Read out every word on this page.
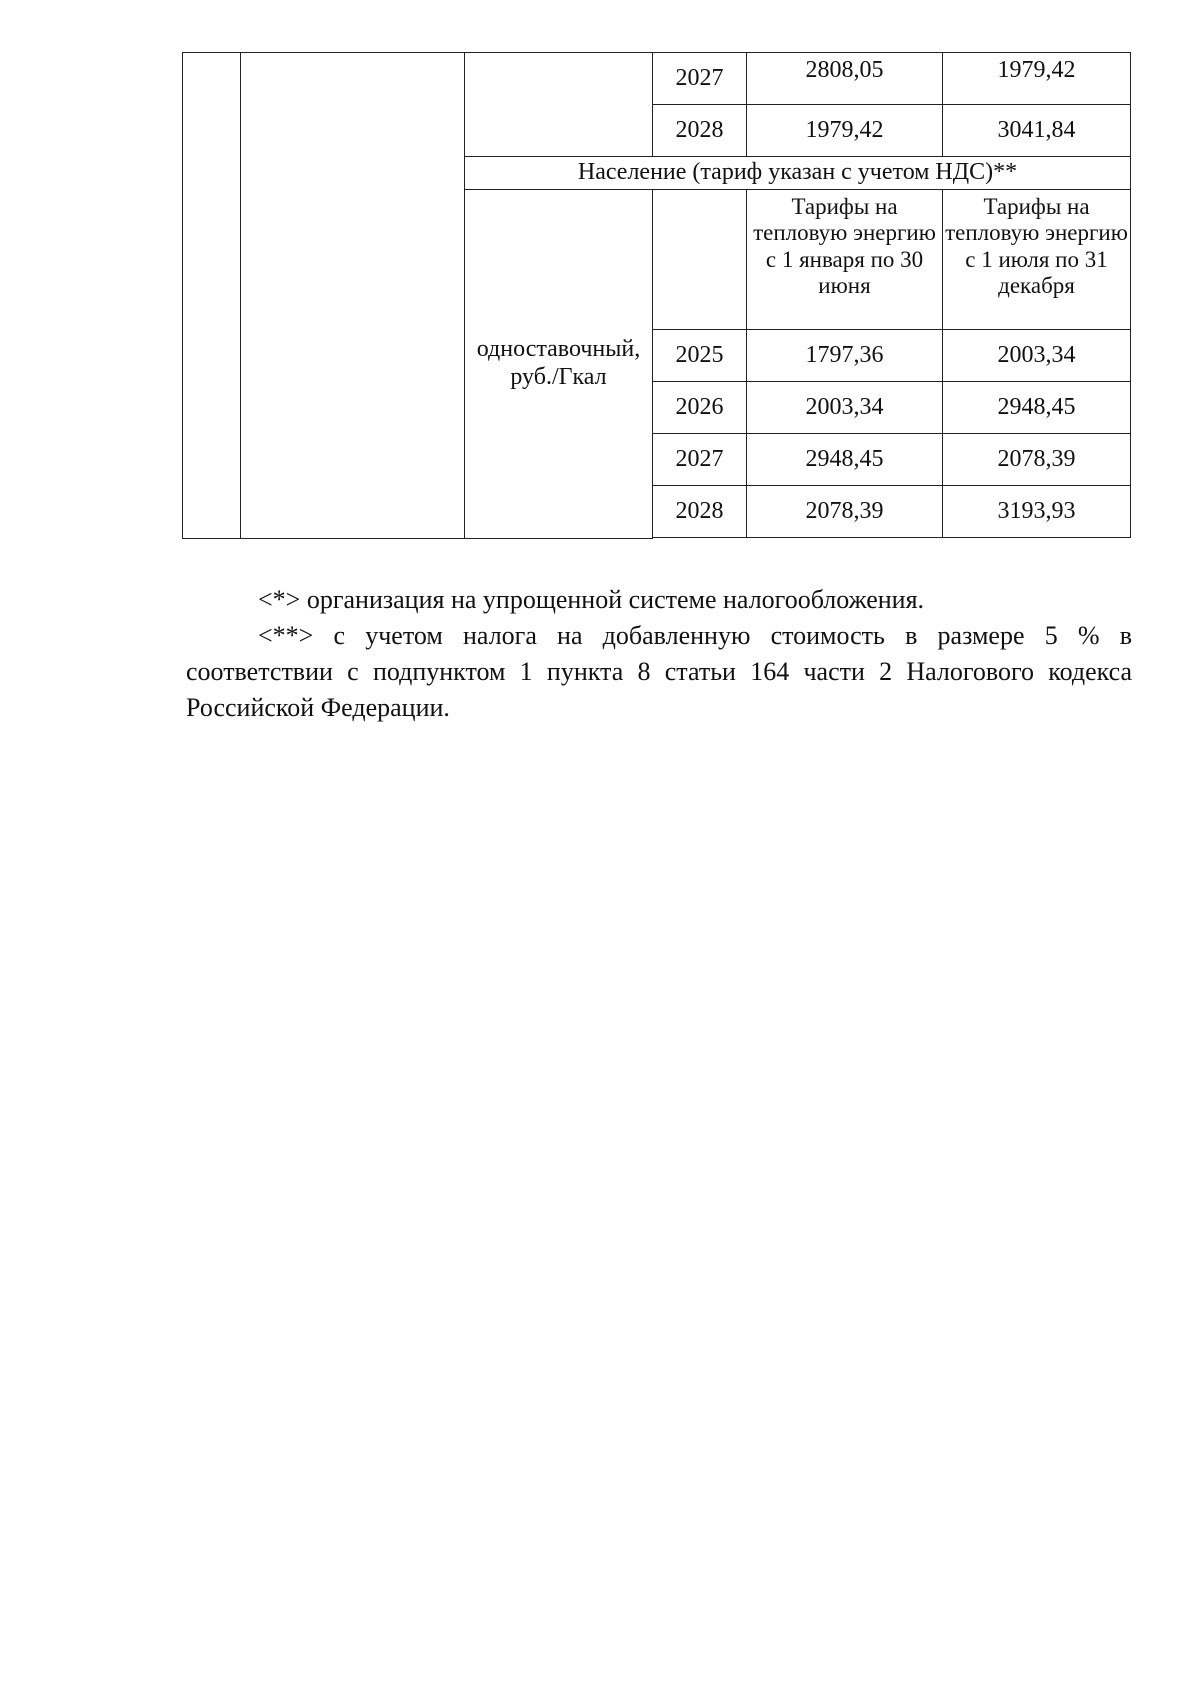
			2027	2808,05	1979,42
			2028	1979,42	3041,84
		Население (тариф указан с учетом НДС)**			
		одноставочный, руб./Гкал		Тарифы на тепловую энергию с 1 января по 30 июня	Тарифы на тепловую энергию с 1 июля по 31 декабря
			2025	1797,36	2003,34
			2026	2003,34	2948,45
			2027	2948,45	2078,39
			2028	2078,39	3193,93

<*> организация на упрощенной системе налогообложения.

<**> с учетом налога на добавленную стоимость в размере 5 % в соответствии с подпунктом 1 пункта 8 статьи 164 части 2 Налогового кодекса Российской Федерации.
